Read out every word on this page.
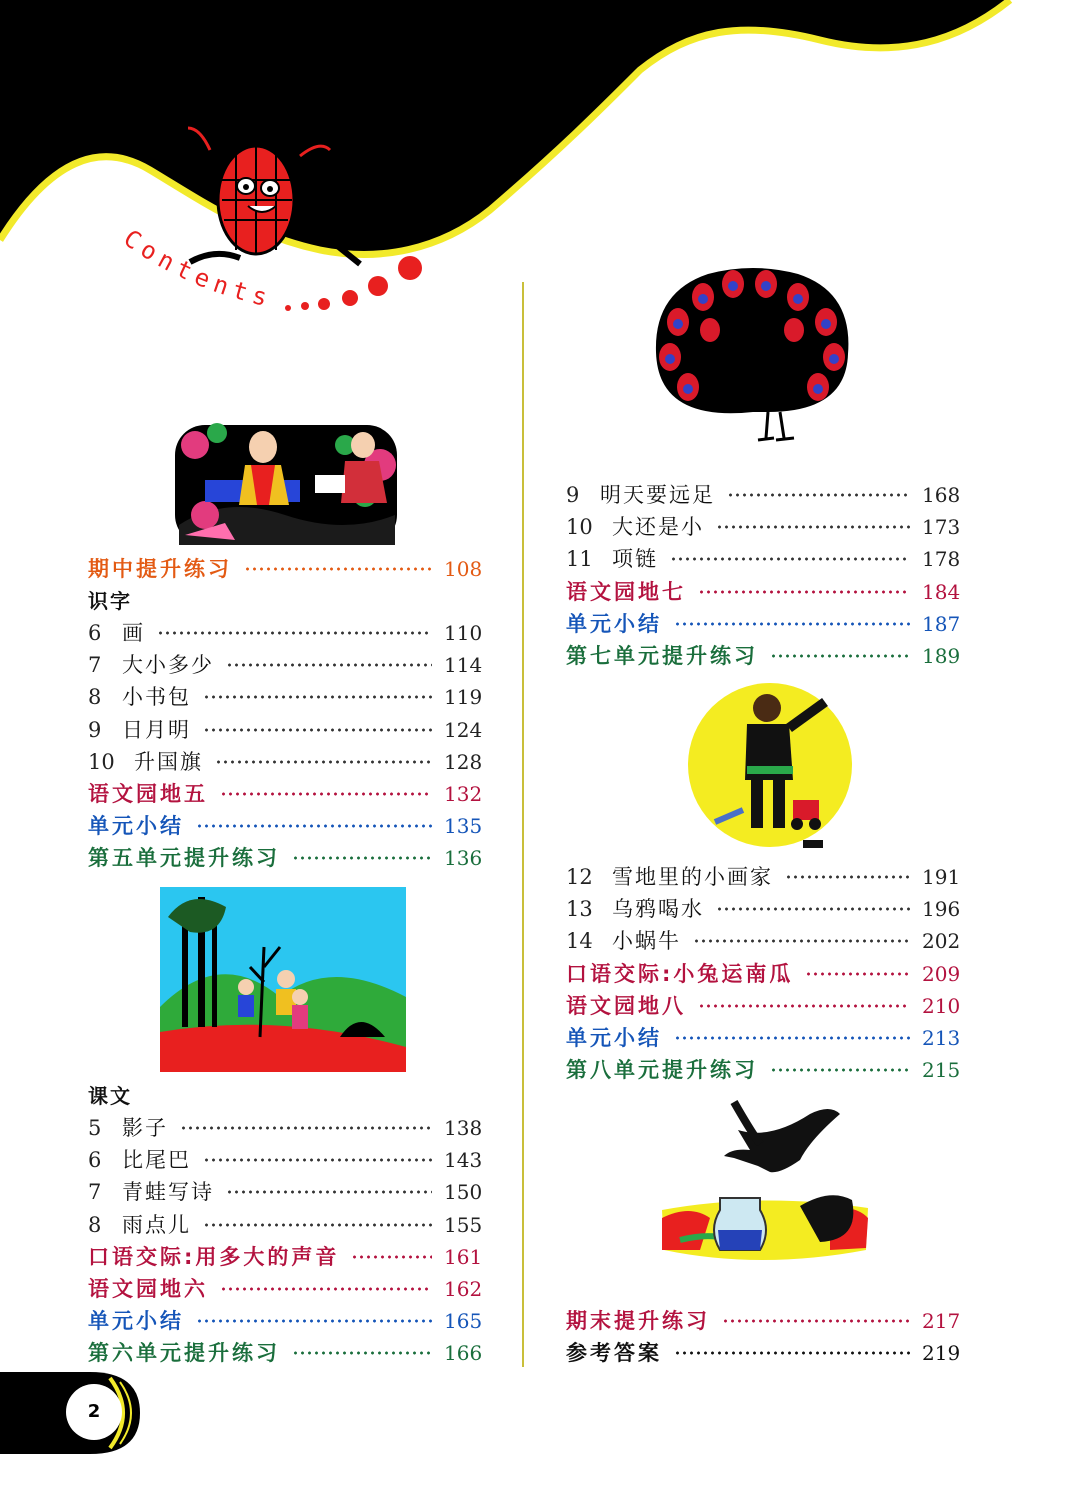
Contents
期中提升练习	108
识字
6 画	110
7 大小多少	114
8 小书包	119
9 日月明	124
10 升国旗	128
语文园地五	132
单元小结	135
第五单元提升练习	136
课文
5 影子	138
6 比尾巴	143
7 青蛙写诗	150
8 雨点儿	155
口语交际:用多大的声音	161
语文园地六	162
单元小结	165
第六单元提升练习	166
9 明天要远足	168
10 大还是小	173
11 项链	178
语文园地七	184
单元小结	187
第七单元提升练习	189
12 雪地里的小画家	191
13 乌鸦喝水	196
14 小蜗牛	202
口语交际:小兔运南瓜	209
语文园地八	210
单元小结	213
第八单元提升练习	215
期末提升练习	217
参考答案	219
2
